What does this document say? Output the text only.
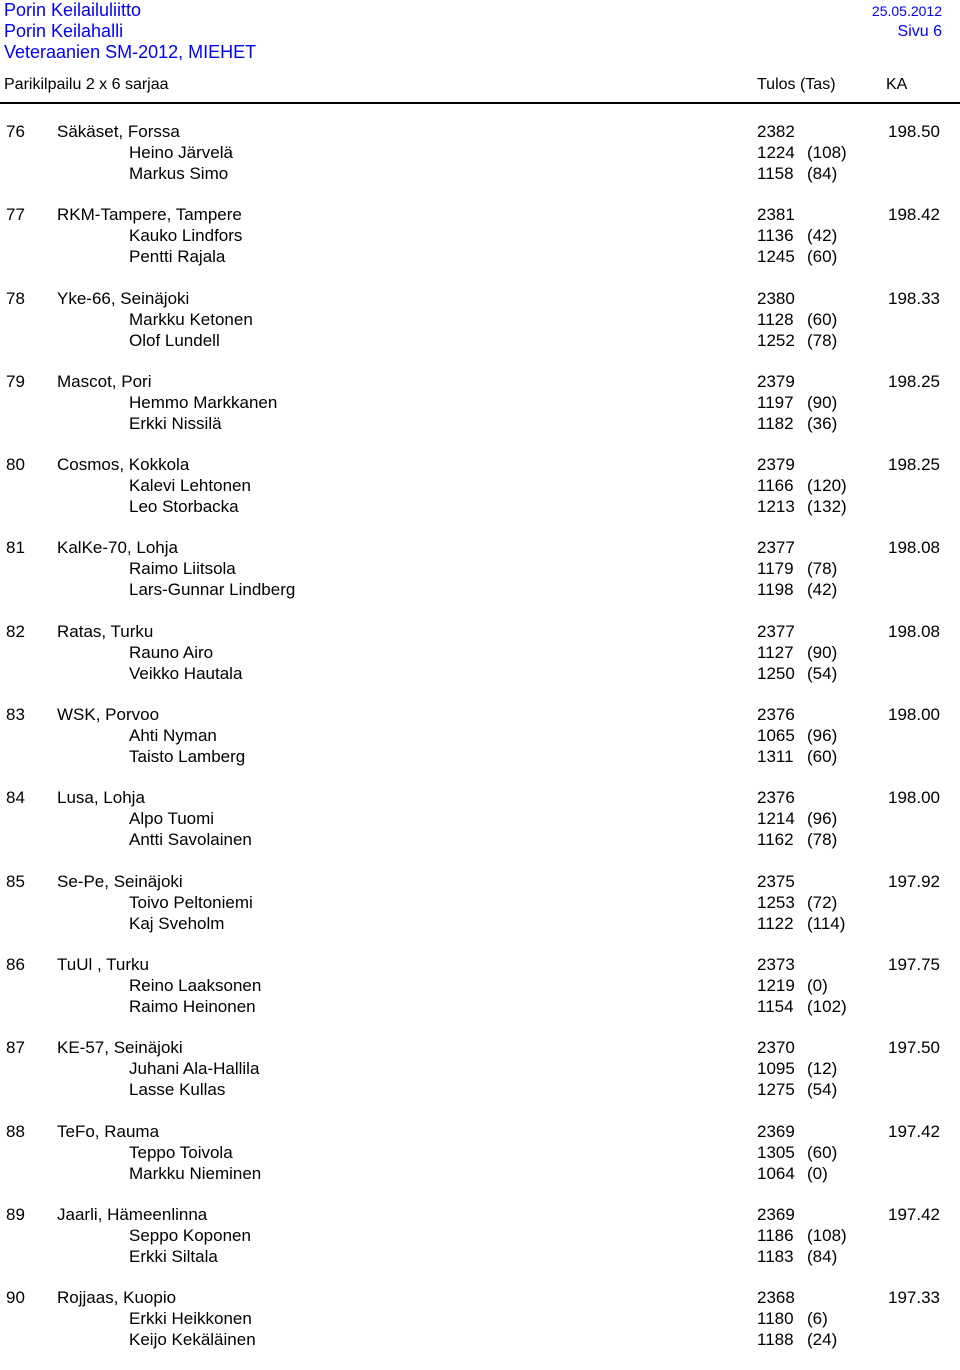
Porin Keilailuliitto
Porin Keilahalli
Veteraanien SM-2012, MIEHET
25.05.2012
Sivu 6
Parikilpailu 2 x 6 sarjaa	Tulos (Tas)	KA
76 Säkäset, Forssa	2382	198.50
Heino Järvelä	1224 (108)
Markus Simo	1158 (84)
77 RKM-Tampere, Tampere	2381	198.42
Kauko Lindfors	1136 (42)
Pentti Rajala	1245 (60)
78 Yke-66, Seinäjoki	2380	198.33
Markku Ketonen	1128 (60)
Olof Lundell	1252 (78)
79 Mascot, Pori	2379	198.25
Hemmo Markkanen	1197 (90)
Erkki Nissilä	1182 (36)
80 Cosmos, Kokkola	2379	198.25
Kalevi Lehtonen	1166 (120)
Leo Storbacka	1213 (132)
81 KalKe-70, Lohja	2377	198.08
Raimo Liitsola	1179 (78)
Lars-Gunnar Lindberg	1198 (42)
82 Ratas, Turku	2377	198.08
Rauno Airo	1127 (90)
Veikko Hautala	1250 (54)
83 WSK, Porvoo	2376	198.00
Ahti Nyman	1065 (96)
Taisto Lamberg	1311 (60)
84 Lusa, Lohja	2376	198.00
Alpo Tuomi	1214 (96)
Antti Savolainen	1162 (78)
85 Se-Pe, Seinäjoki	2375	197.92
Toivo Peltoniemi	1253 (72)
Kaj Sveholm	1122 (114)
86 TuUl , Turku	2373	197.75
Reino Laaksonen	1219 (0)
Raimo Heinonen	1154 (102)
87 KE-57, Seinäjoki	2370	197.50
Juhani Ala-Hallila	1095 (12)
Lasse Kullas	1275 (54)
88 TeFo, Rauma	2369	197.42
Teppo Toivola	1305 (60)
Markku Nieminen	1064 (0)
89 Jaarli, Hämeenlinna	2369	197.42
Seppo Koponen	1186 (108)
Erkki Siltala	1183 (84)
90 Rojjaas, Kuopio	2368	197.33
Erkki Heikkonen	1180 (6)
Keijo Kekäläinen	1188 (24)
